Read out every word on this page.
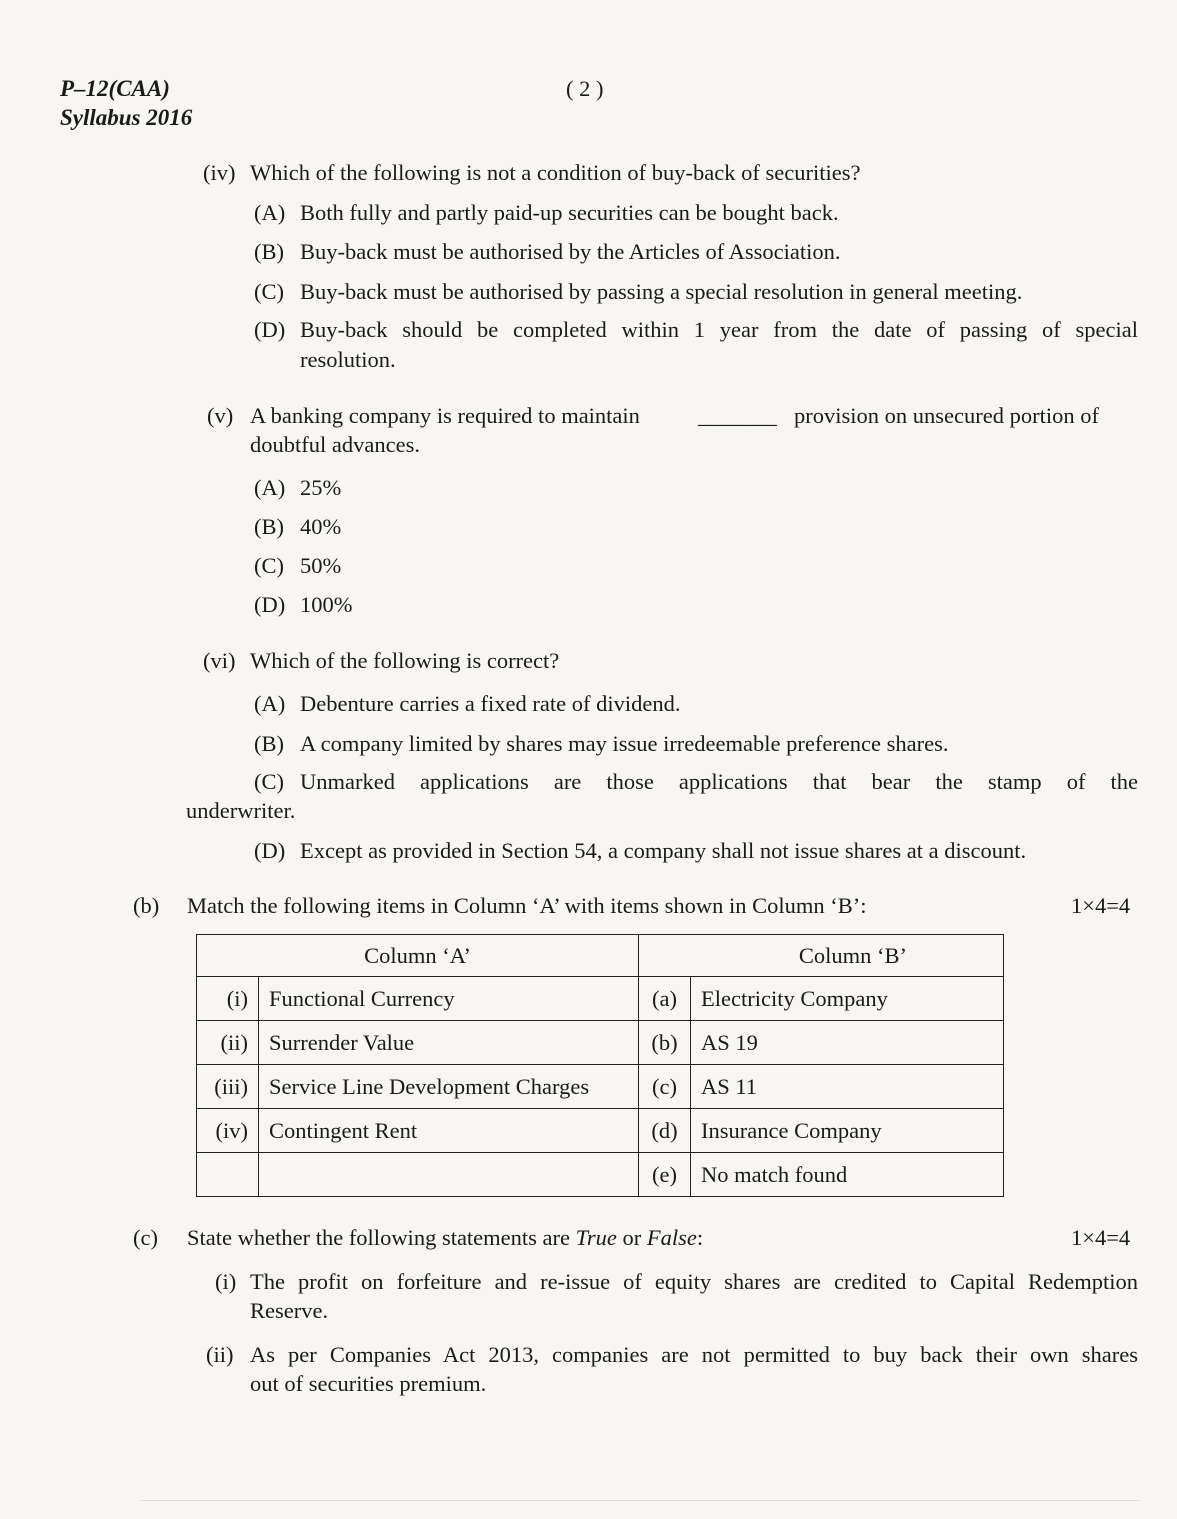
P–12(CAA)
Syllabus 2016
( 2 )
(iv) Which of the following is not a condition of buy-back of securities?
(A) Both fully and partly paid-up securities can be bought back.
(B) Buy-back must be authorised by the Articles of Association.
(C) Buy-back must be authorised by passing a special resolution in general meeting.
(D) Buy-back should be completed within 1 year from the date of passing of special
resolution.
(v) A banking company is required to maintain	_______ provision on unsecured portion of
doubtful advances.
(A) 25%
(B) 40%
(C) 50%
(D) 100%
(vi) Which of the following is correct?
(A) Debenture carries a fixed rate of dividend.
(B) A company limited by shares may issue irredeemable preference shares.
(C) Unmarked applications are those applications that bear the stamp of the
underwriter.
(D) Except as provided in Section 54, a company shall not issue shares at a discount.
(b) Match the following items in Column ‘A’ with items shown in Column ‘B’:	1×4=4
Column ‘A’		Column ‘B’	
(i)	Functional Currency	(a)	Electricity Company
(ii)	Surrender Value	(b)	AS 19
(iii)	Service Line Development Charges	(c)	AS 11
(iv)	Contingent Rent	(d)	Insurance Company
		(e)	No match found
(c) State whether the following statements are True or False:	1×4=4
(i) The profit on forfeiture and re-issue of equity shares are credited to Capital Redemption
Reserve.
(ii) As per Companies Act 2013, companies are not permitted to buy back their own shares
out of securities premium.
